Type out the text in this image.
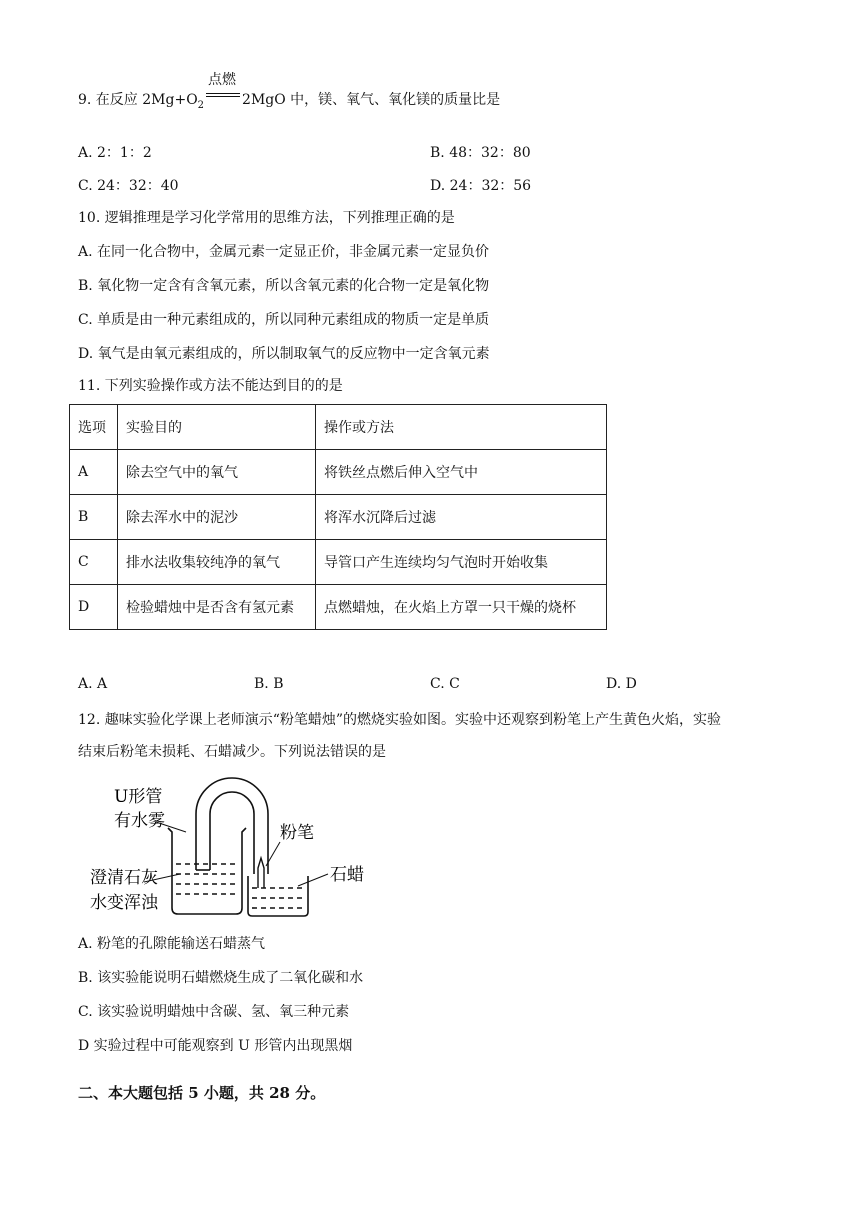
9. 在反应 $2Mg+O_2$
点燃
2MgO 中，镁、氧气、氧化镁的质量比是
A. 2：1：2	B. 48：32：80
C. 24：32：40	D. 24：32：56
10. 逻辑推理是学习化学常用的思维方法，下列推理正确的是
A. 在同一化合物中，金属元素一定显正价，非金属元素一定显负价
B. 氧化物一定含有含氧元素，所以含氧元素的化合物一定是氧化物
C. 单质是由一种元素组成的，所以同种元素组成的物质一定是单质
D. 氧气是由氧元素组成的，所以制取氧气的反应物中一定含氧元素
11. 下列实验操作或方法不能达到目的的是
选项	实验目的	操作或方法
A	除去空气中的氧气	将铁丝点燃后伸入空气中
B	除去浑水中的泥沙	将浑水沉降后过滤
C	排水法收集较纯净的氧气	导管口产生连续均匀气泡时开始收集
D	检验蜡烛中是否含有氢元素	点燃蜡烛，在火焰上方罩一只干燥的烧杯
A. A	B. B	C. C	D. D
12. 趣味实验化学课上老师演示“粉笔蜡烛”的燃烧实验如图。实验中还观察到粉笔上产生黄色火焰，实验
结束后粉笔未损耗、石蜡减少。下列说法错误的是
U形管
有水雾
粉笔
澄清石灰
水变浑浊
石蜡
A. 粉笔的孔隙能输送石蜡蒸气
B. 该实验能说明石蜡燃烧生成了二氧化碳和水
C. 该实验说明蜡烛中含碳、氢、氧三种元素
D 实验过程中可能观察到 U 形管内出现黑烟
二、本大题包括 5 小题，共 28 分。
